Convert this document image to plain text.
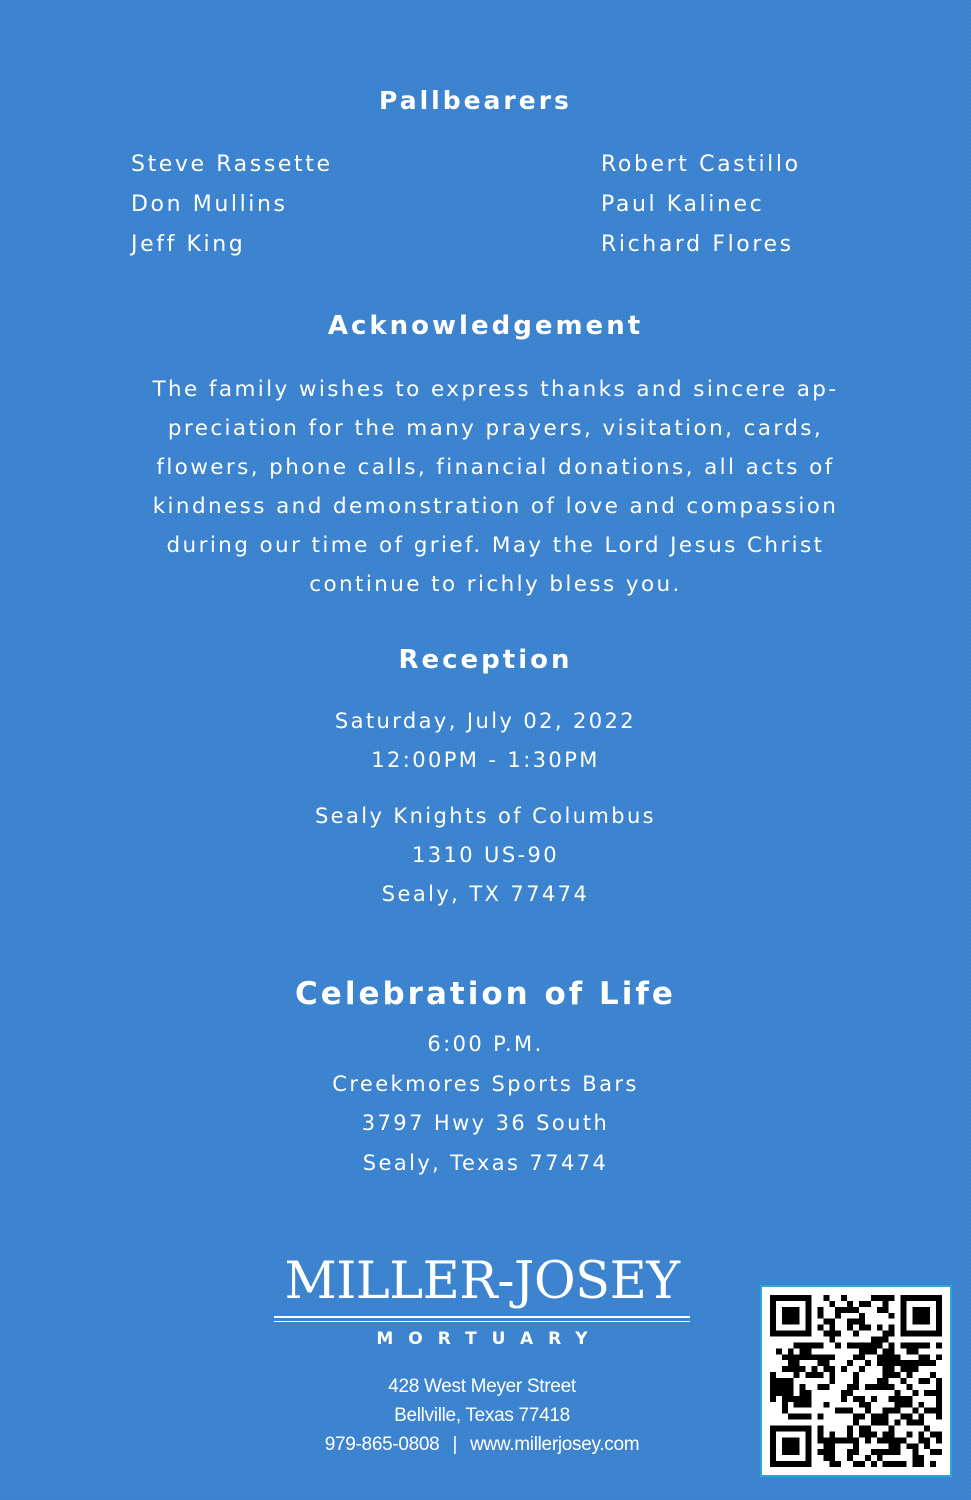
Pallbearers
Steve Rassette
Don Mullins
Jeff King
Robert Castillo
Paul Kalinec
Richard Flores
Acknowledgement
The family wishes to express thanks and sincere ap-
preciation for the many prayers, visitation, cards,
flowers, phone calls, financial donations, all acts of
kindness and demonstration of love and compassion
during our time of grief. May the Lord Jesus Christ
continue to richly bless you.
Reception
Saturday, July 02, 2022
12:00PM - 1:30PM
Sealy Knights of Columbus
1310 US-90
Sealy, TX 77474
Celebration of Life
6:00 P.M.
Creekmores Sports Bars
3797 Hwy 36 South
Sealy, Texas 77474
MILLER-JOSEY
MORTUARY
428 West Meyer Street
Bellville, Texas 77418
979-865-0808 | www.millerjosey.com
